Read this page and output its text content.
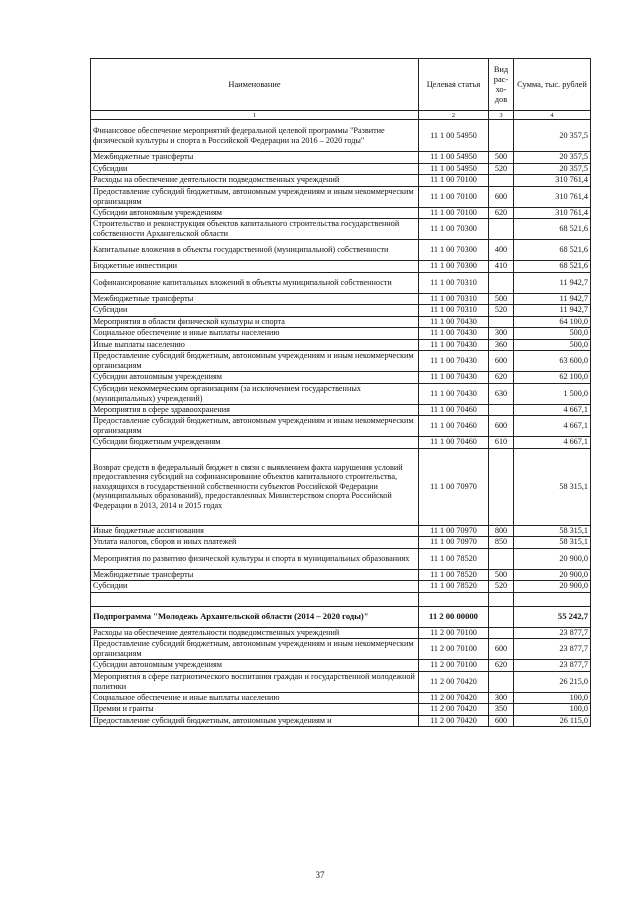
Наименование	Целевая статья	Вид рас-хо-дов	Сумма, тыс. рублей
1	2	3	4
Финансовое обеспечение мероприятий федеральной целевой программы "Развитие физической культуры и спорта в Российской Федерации на 2016 – 2020 годы"	11 1 00 54950		20 357,5
Межбюджетные трансферты	11 1 00 54950	500	20 357,5
Субсидии	11 1 00 54950	520	20 357,5
Расходы на обеспечение деятельности подведомственных учреждений	11 1 00 70100		310 761,4
Предоставление субсидий бюджетным, автономным учреждениям и иным некоммерческим организациям	11 1 00 70100	600	310 761,4
Субсидии автономным учреждениям	11 1 00 70100	620	310 761,4
Строительство и реконструкция объектов капитального строительства государственной собственности Архангельской области	11 1 00 70300		68 521,6
Капитальные вложения в объекты государственной (муниципальной) собственности	11 1 00 70300	400	68 521,6
Бюджетные инвестиции	11 1 00 70300	410	68 521,6
Софинансирование капитальных вложений в объекты муниципальной собственности	11 1 00 70310		11 942,7
Межбюджетные трансферты	11 1 00 70310	500	11 942,7
Субсидии	11 1 00 70310	520	11 942,7
Мероприятия в области физической культуры и спорта	11 1 00 70430		64 100,0
Социальное обеспечение и иные выплаты населению	11 1 00 70430	300	500,0
Иные выплаты населению	11 1 00 70430	360	500,0
Предоставление субсидий бюджетным, автономным учреждениям и иным некоммерческим организациям	11 1 00 70430	600	63 600,0
Субсидии автономным учреждениям	11 1 00 70430	620	62 100,0
Субсидии некоммерческим организациям (за исключением государственных (муниципальных) учреждений)	11 1 00 70430	630	1 500,0
Мероприятия в сфере здравоохранения	11 1 00 70460		4 667,1
Предоставление субсидий бюджетным, автономным учреждениям и иным некоммерческим организациям	11 1 00 70460	600	4 667,1
Субсидии бюджетным учреждениям	11 1 00 70460	610	4 667,1
Возврат средств в федеральный бюджет в связи с выявлением факта нарушения условий предоставления субсидий на софинансирование объектов капитального строительства, находящихся в государственной собственности субъектов Российской Федерации (муниципальных образований), предоставленных Министерством спорта Российской Федерации в 2013, 2014 и 2015 годах	11 1 00 70970		58 315,1
Иные бюджетные ассигнования	11 1 00 70970	800	58 315,1
Уплата налогов, сборов и иных платежей	11 1 00 70970	850	58 315,1
Мероприятия по развитию физической культуры и спорта в муниципальных образованиях	11 1 00 78520		20 900,0
Межбюджетные трансферты	11 1 00 78520	500	20 900,0
Субсидии	11 1 00 78520	520	20 900,0

Подпрограмма "Молодежь Архангельской области (2014 – 2020 годы)"	11 2 00 00000		55 242,7
Расходы на обеспечение деятельности подведомственных учреждений	11 2 00 70100		23 877,7
Предоставление субсидий бюджетным, автономным учреждениям и иным некоммерческим организациям	11 2 00 70100	600	23 877,7
Субсидии автономным учреждениям	11 2 00 70100	620	23 877,7
Мероприятия в сфере патриотического воспитания граждан и государственной молодежной политики	11 2 00 70420		26 215,0
Социальное обеспечение и иные выплаты населению	11 2 00 70420	300	100,0
Премии и гранты	11 2 00 70420	350	100,0
Предоставление субсидий бюджетным, автономным учреждениям и	11 2 00 70420	600	26 115,0
37
